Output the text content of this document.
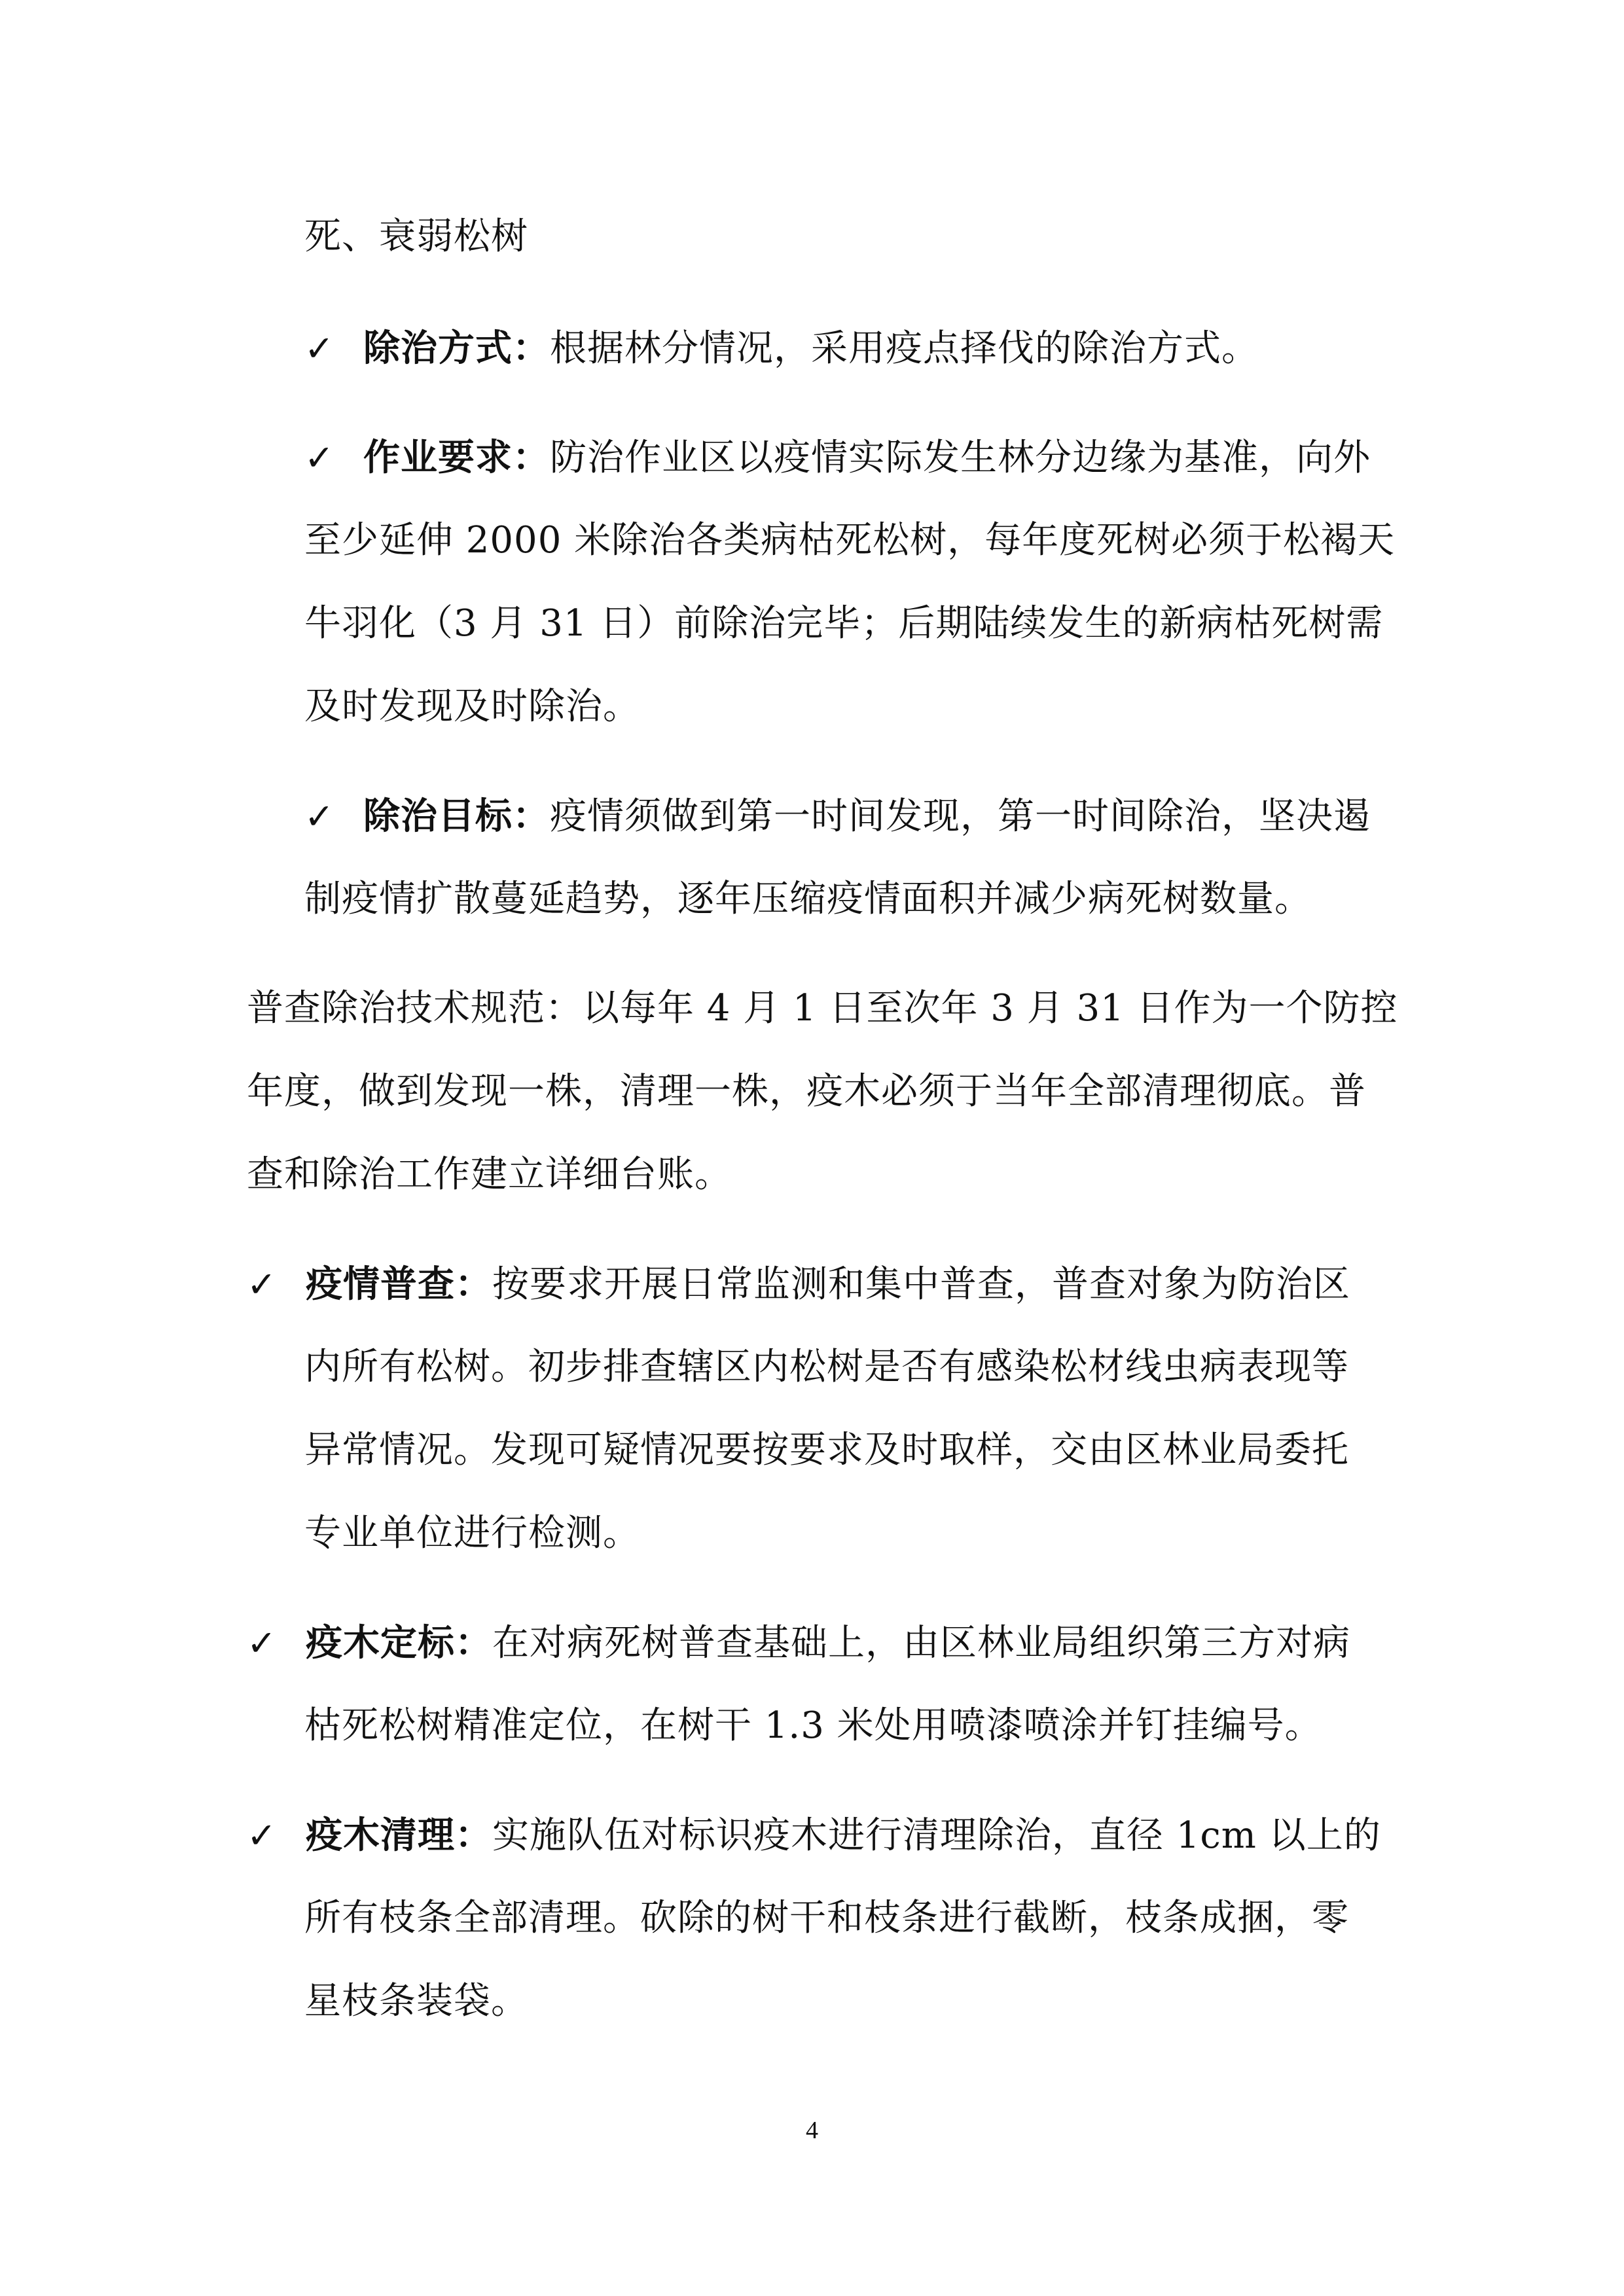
死、衰弱松树
✓ 除治方式：根据林分情况，采用疫点择伐的除治方式。
✓ 作业要求：防治作业区以疫情实际发生林分边缘为基准，向外
至少延伸 2000 米除治各类病枯死松树，每年度死树必须于松褐天
牛羽化（3 月 31 日）前除治完毕；后期陆续发生的新病枯死树需
及时发现及时除治。
✓ 除治目标：疫情须做到第一时间发现，第一时间除治，坚决遏
制疫情扩散蔓延趋势，逐年压缩疫情面积并减少病死树数量。
普查除治技术规范：以每年 4 月 1 日至次年 3 月 31 日作为一个防控
年度，做到发现一株，清理一株，疫木必须于当年全部清理彻底。普
查和除治工作建立详细台账。
✓ 疫情普查：按要求开展日常监测和集中普查，普查对象为防治区
内所有松树。初步排查辖区内松树是否有感染松材线虫病表现等
异常情况。发现可疑情况要按要求及时取样，交由区林业局委托
专业单位进行检测。
✓ 疫木定标：在对病死树普查基础上，由区林业局组织第三方对病
枯死松树精准定位，在树干 1.3 米处用喷漆喷涂并钉挂编号。
✓ 疫木清理：实施队伍对标识疫木进行清理除治，直径 1cm 以上的
所有枝条全部清理。砍除的树干和枝条进行截断，枝条成捆，零
星枝条装袋。
4
